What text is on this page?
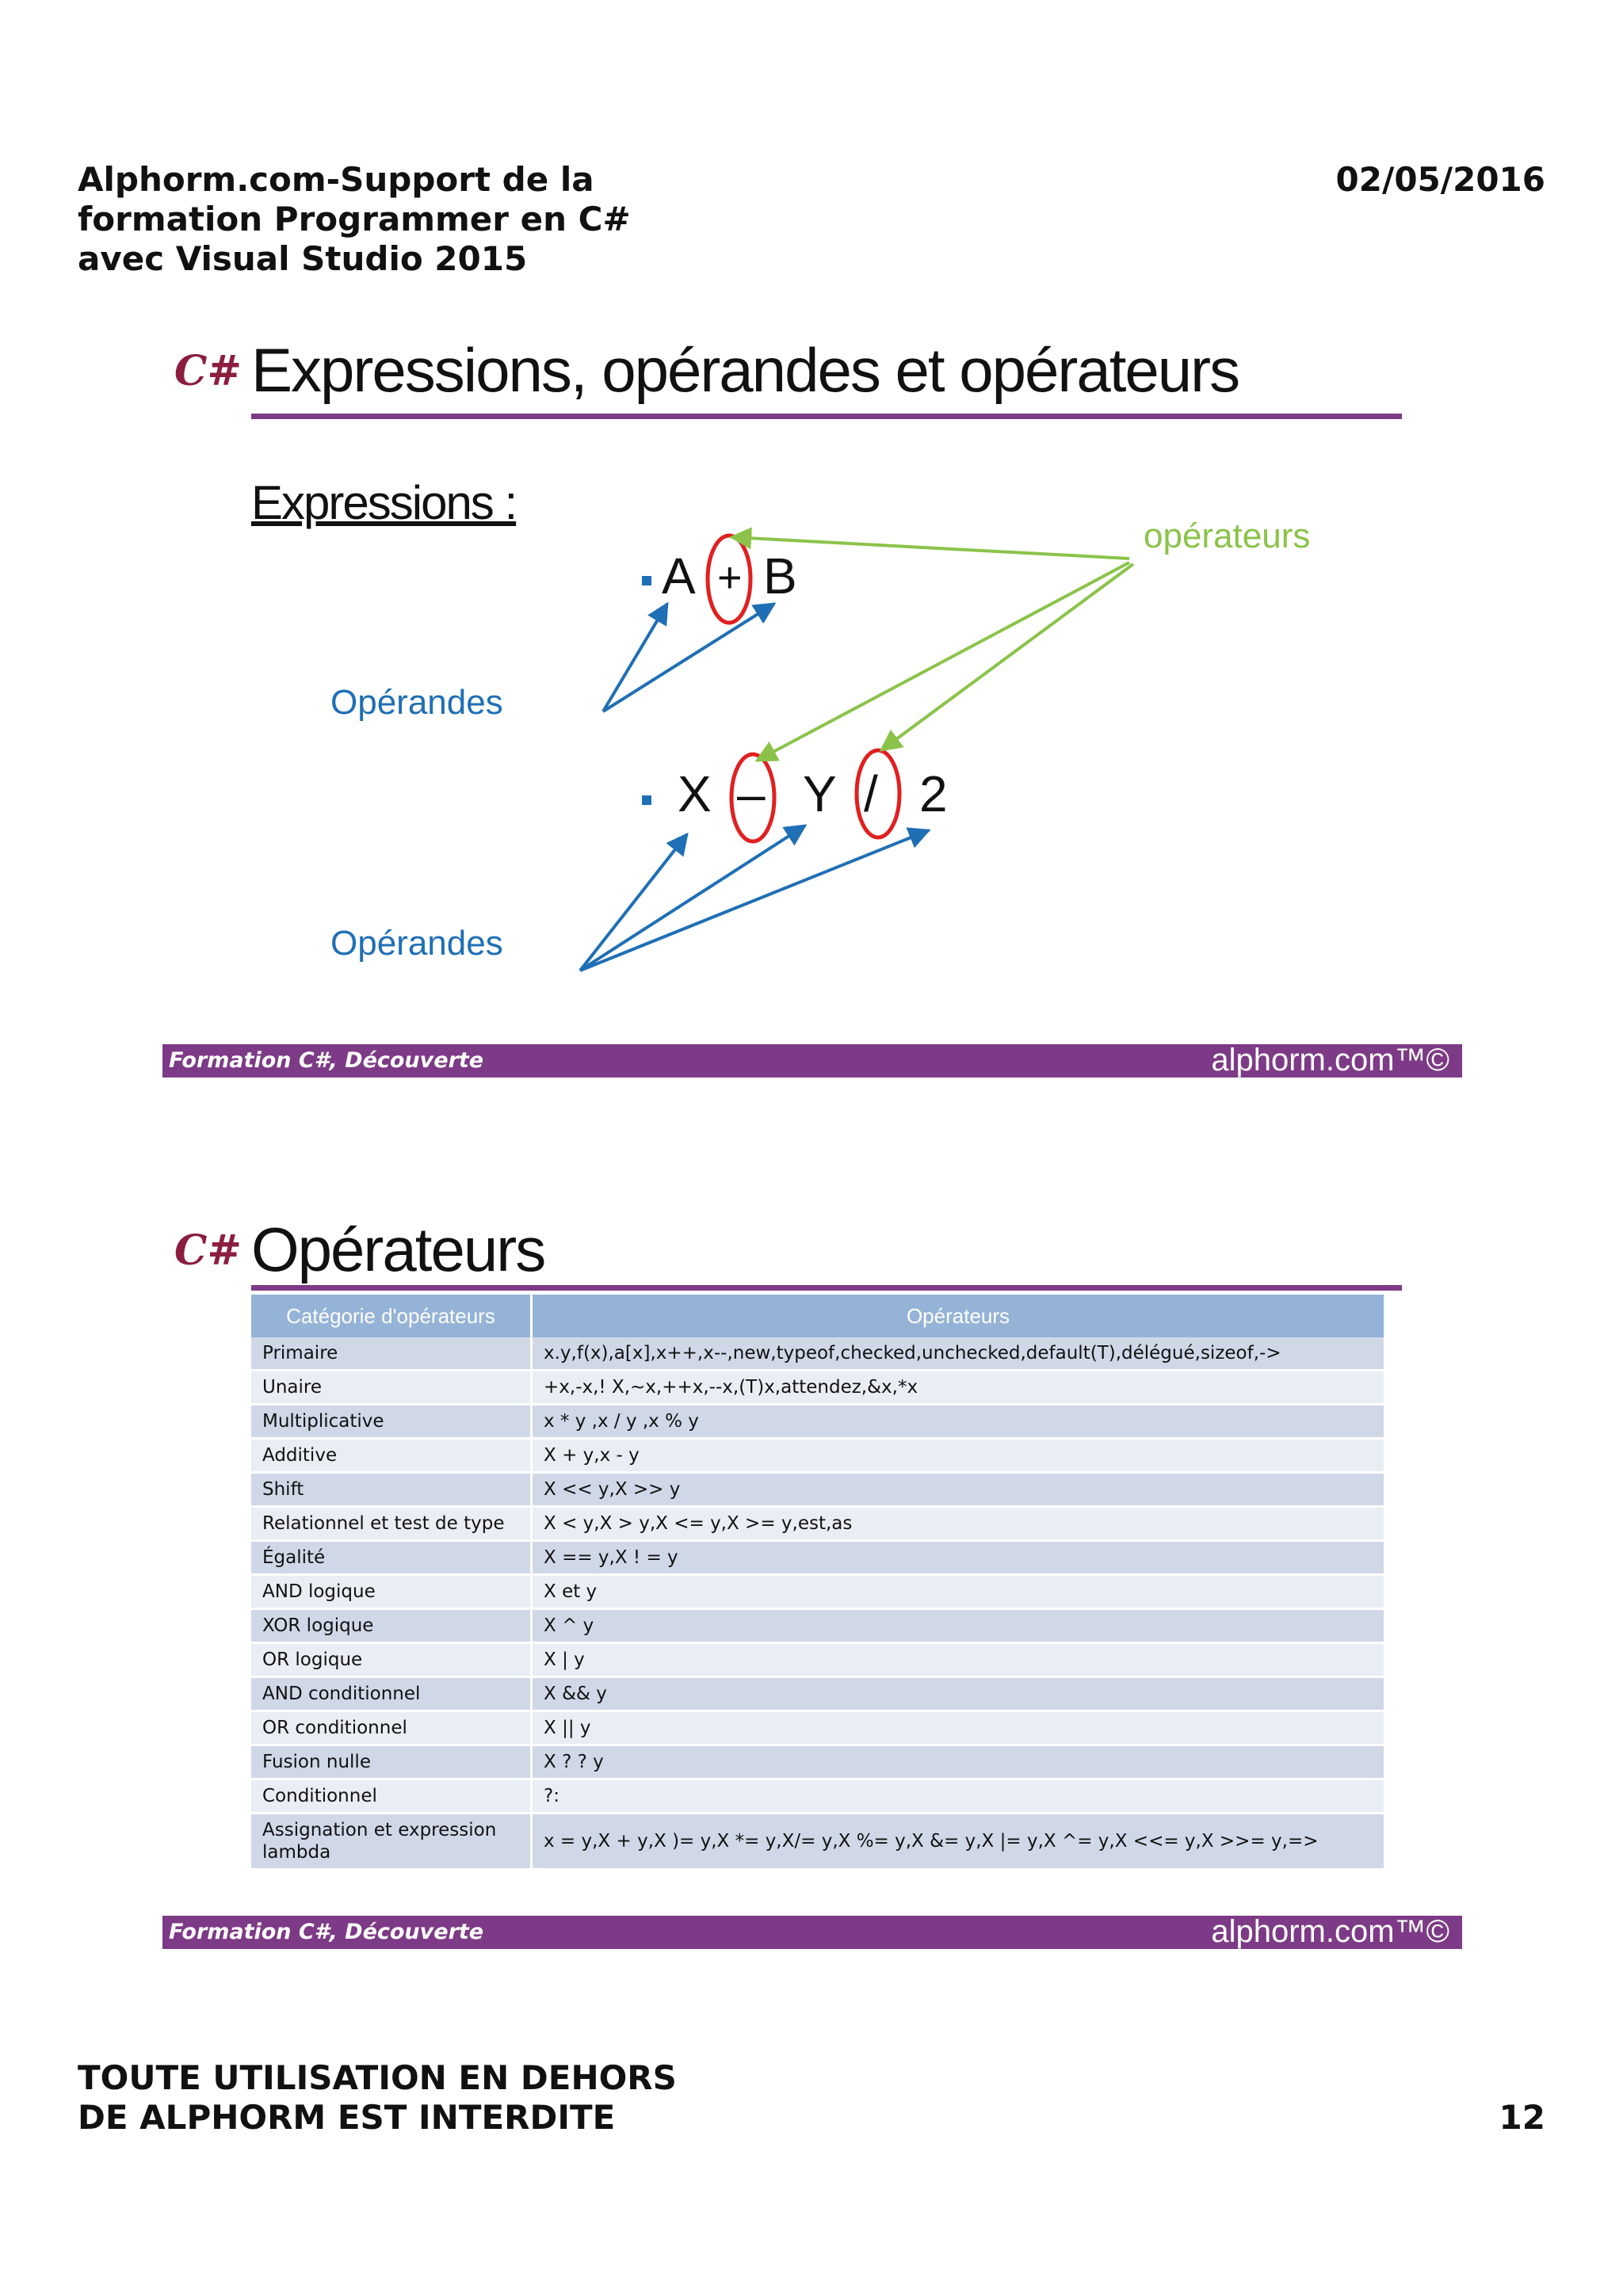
Alphorm.com-Support de la
formation Programmer en C#
avec Visual Studio 2015
02/05/2016
C# Expressions, opérandes et opérateurs
Expressions :
A + B
X – Y / 2
opérateurs
Opérandes
Opérandes
Formation C#, Découverte	alphorm.com™©
C# Opérateurs
Catégorie d'opérateurs	Opérateurs
Primaire	x.y,f(x),a[x],x++,x--,new,typeof,checked,unchecked,default(T),délégué,sizeof,->
Unaire	+x,-x,! X,~x,++x,--x,(T)x,attendez,&x,*x
Multiplicative	x * y ,x / y ,x % y
Additive	X + y,x - y
Shift	X << y,X >> y
Relationnel et test de type	X < y,X > y,X <= y,X >= y,est,as
Égalité	X == y,X ! = y
AND logique	X et y
XOR logique	X ^ y
OR logique	X | y
AND conditionnel	X && y
OR conditionnel	X || y
Fusion nulle	X ? ? y
Conditionnel	?:
Assignation et expression lambda	x = y,X + y,X )= y,X *= y,X/= y,X %= y,X &= y,X |= y,X ^= y,X <<= y,X >>= y,=>
Formation C#, Découverte	alphorm.com™©
TOUTE UTILISATION EN DEHORS
DE ALPHORM EST INTERDITE	12
